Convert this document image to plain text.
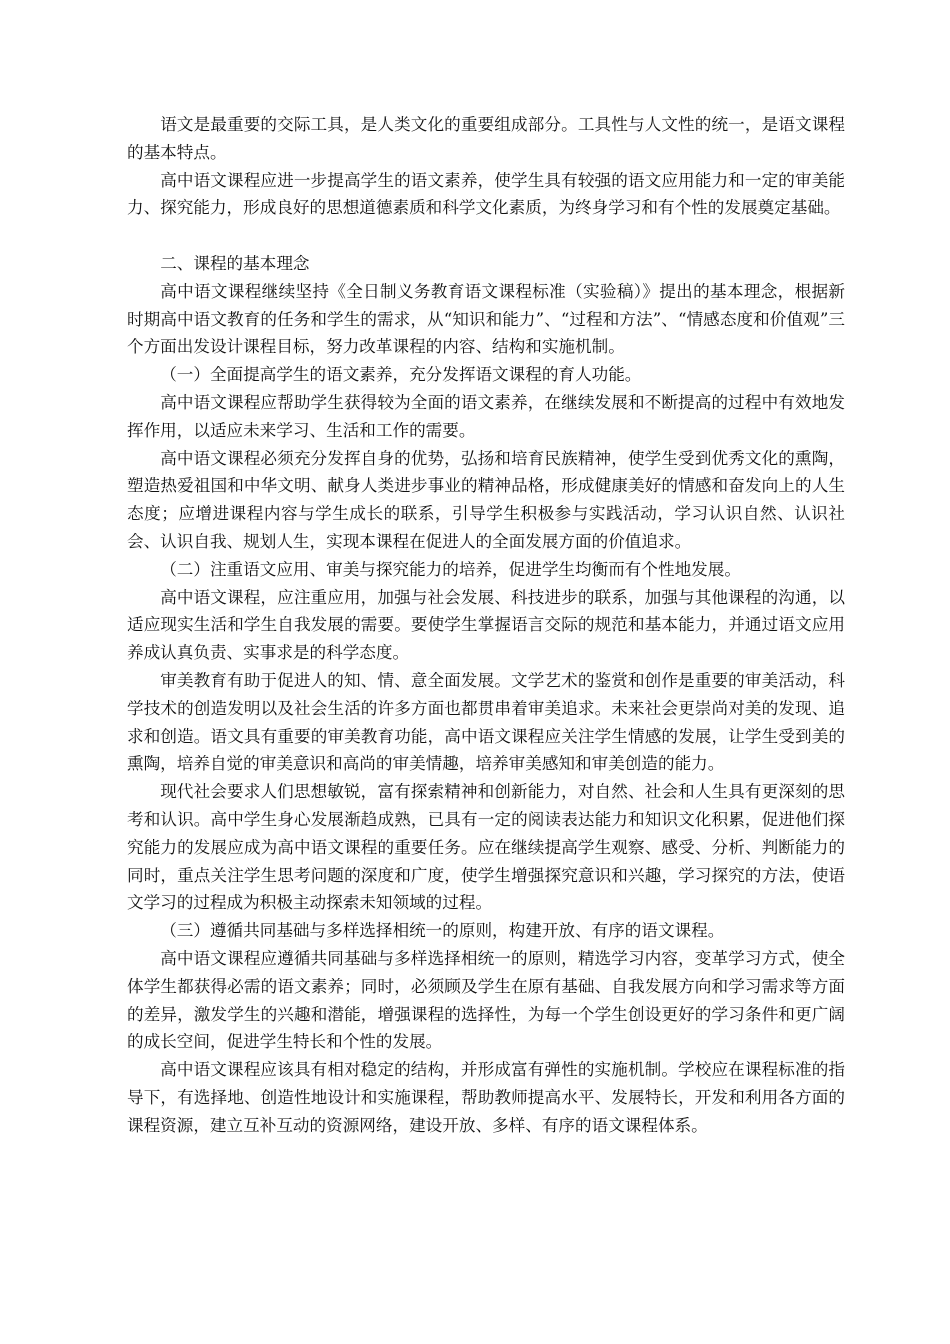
语文是最重要的交际工具，是人类文化的重要组成部分。工具性与人文性的统一，是语文课程的基本特点。

高中语文课程应进一步提高学生的语文素养，使学生具有较强的语文应用能力和一定的审美能力、探究能力，形成良好的思想道德素质和科学文化素质，为终身学习和有个性的发展奠定基础。

二、课程的基本理念

高中语文课程继续坚持《全日制义务教育语文课程标准（实验稿）》提出的基本理念，根据新时期高中语文教育的任务和学生的需求，从“知识和能力”、“过程和方法”、“情感态度和价值观”三个方面出发设计课程目标，努力改革课程的内容、结构和实施机制。

（一）全面提高学生的语文素养，充分发挥语文课程的育人功能。

高中语文课程应帮助学生获得较为全面的语文素养，在继续发展和不断提高的过程中有效地发挥作用，以适应未来学习、生活和工作的需要。

高中语文课程必须充分发挥自身的优势，弘扬和培育民族精神，使学生受到优秀文化的熏陶，塑造热爱祖国和中华文明、献身人类进步事业的精神品格，形成健康美好的情感和奋发向上的人生态度；应增进课程内容与学生成长的联系，引导学生积极参与实践活动，学习认识自然、认识社会、认识自我、规划人生，实现本课程在促进人的全面发展方面的价值追求。

（二）注重语文应用、审美与探究能力的培养，促进学生均衡而有个性地发展。

高中语文课程，应注重应用，加强与社会发展、科技进步的联系，加强与其他课程的沟通，以适应现实生活和学生自我发展的需要。要使学生掌握语言交际的规范和基本能力，并通过语文应用养成认真负责、实事求是的科学态度。

审美教育有助于促进人的知、情、意全面发展。文学艺术的鉴赏和创作是重要的审美活动，科学技术的创造发明以及社会生活的许多方面也都贯串着审美追求。未来社会更崇尚对美的发现、追求和创造。语文具有重要的审美教育功能，高中语文课程应关注学生情感的发展，让学生受到美的熏陶，培养自觉的审美意识和高尚的审美情趣，培养审美感知和审美创造的能力。

现代社会要求人们思想敏锐，富有探索精神和创新能力，对自然、社会和人生具有更深刻的思考和认识。高中学生身心发展渐趋成熟，已具有一定的阅读表达能力和知识文化积累，促进他们探究能力的发展应成为高中语文课程的重要任务。应在继续提高学生观察、感受、分析、判断能力的同时，重点关注学生思考问题的深度和广度，使学生增强探究意识和兴趣，学习探究的方法，使语文学习的过程成为积极主动探索未知领域的过程。

（三）遵循共同基础与多样选择相统一的原则，构建开放、有序的语文课程。

高中语文课程应遵循共同基础与多样选择相统一的原则，精选学习内容，变革学习方式，使全体学生都获得必需的语文素养；同时，必须顾及学生在原有基础、自我发展方向和学习需求等方面的差异，激发学生的兴趣和潜能，增强课程的选择性，为每一个学生创设更好的学习条件和更广阔的成长空间，促进学生特长和个性的发展。

高中语文课程应该具有相对稳定的结构，并形成富有弹性的实施机制。学校应在课程标准的指导下，有选择地、创造性地设计和实施课程，帮助教师提高水平、发展特长，开发和利用各方面的课程资源，建立互补互动的资源网络，建设开放、多样、有序的语文课程体系。
